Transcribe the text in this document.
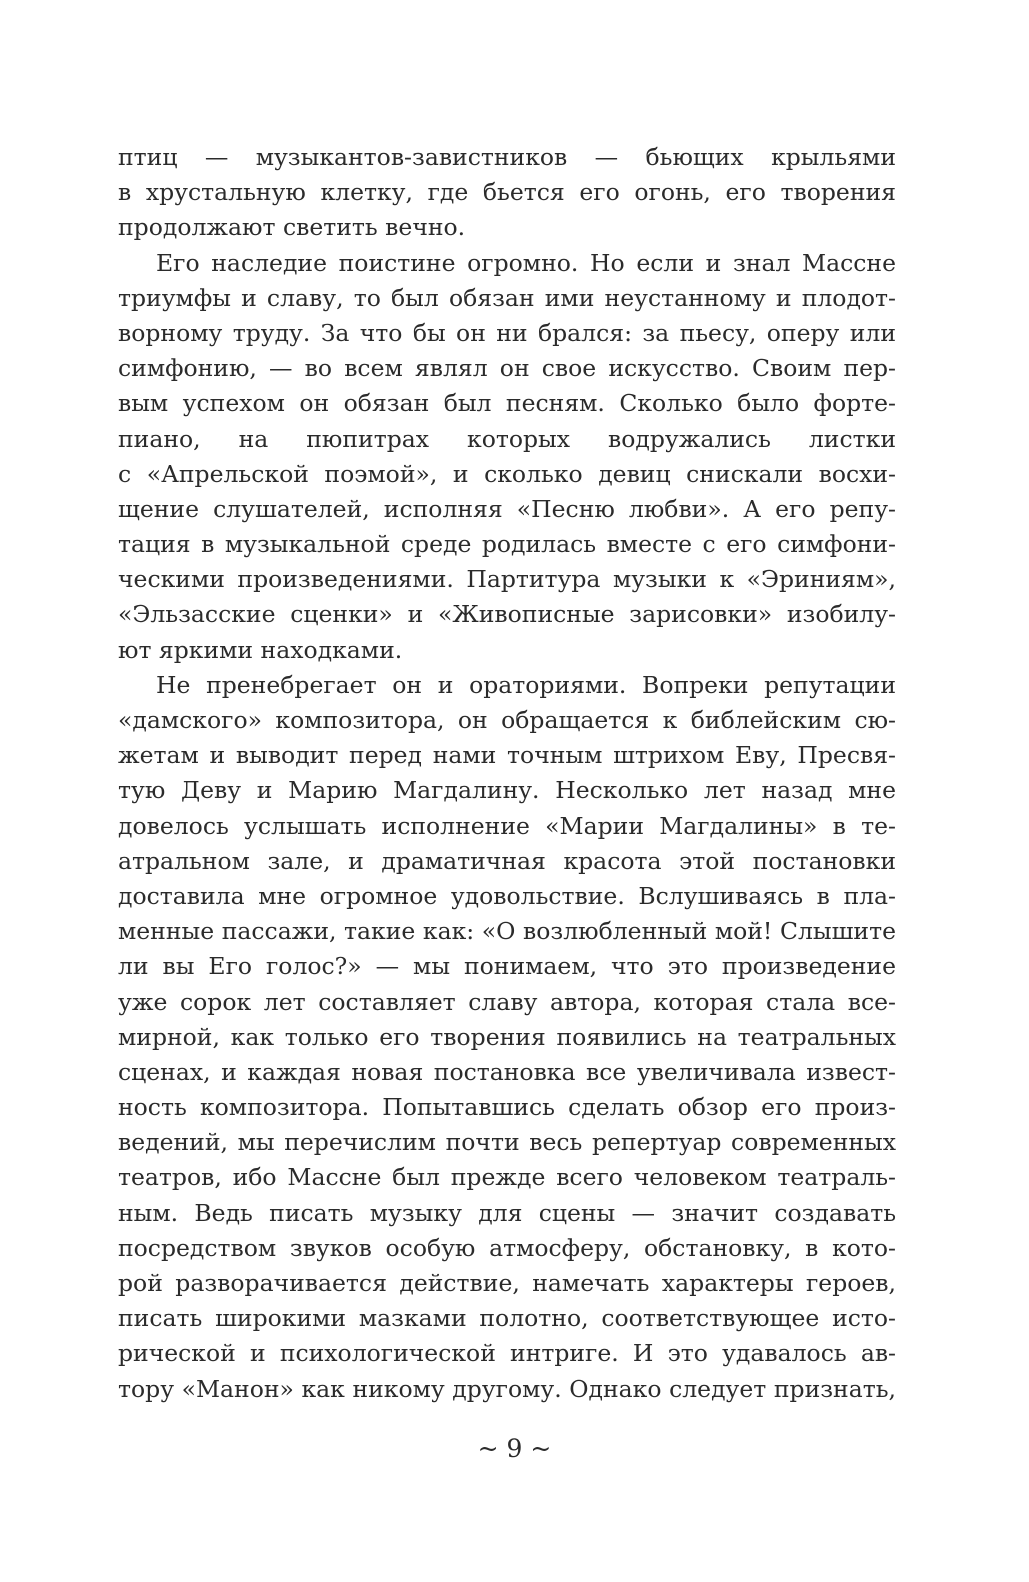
птиц — музыкантов-завистников — бьющих крыльями
в хрустальную клетку, где бьется его огонь, его творения
продолжают светить вечно.
Его наследие поистине огромно. Но если и знал Массне
триумфы и славу, то был обязан ими неустанному и плодот-
ворному труду. За что бы он ни брался: за пьесу, оперу или
симфонию, — во всем являл он свое искусство. Своим пер-
вым успехом он обязан был песням. Сколько было форте-
пиано, на пюпитрах которых водружались листки
с «Апрельской поэмой», и сколько девиц снискали восхи-
щение слушателей, исполняя «Песню любви». А его репу-
тация в музыкальной среде родилась вместе с его симфони-
ческими произведениями. Партитура музыки к «Эриниям»,
«Эльзасские сценки» и «Живописные зарисовки» изобилу-
ют яркими находками.
Не пренебрегает он и ораториями. Вопреки репутации
«дамского» композитора, он обращается к библейским сю-
жетам и выводит перед нами точным штрихом Еву, Пресвя-
тую Деву и Марию Магдалину. Несколько лет назад мне
довелось услышать исполнение «Марии Магдалины» в те-
атральном зале, и драматичная красота этой постановки
доставила мне огромное удовольствие. Вслушиваясь в пла-
менные пассажи, такие как: «О возлюбленный мой! Слышите
ли вы Его голос?» — мы понимаем, что это произведение
уже сорок лет составляет славу автора, которая стала все-
мирной, как только его творения появились на театральных
сценах, и каждая новая постановка все увеличивала извест-
ность композитора. Попытавшись сделать обзор его произ-
ведений, мы перечислим почти весь репертуар современных
театров, ибо Массне был прежде всего человеком театраль-
ным. Ведь писать музыку для сцены — значит создавать
посредством звуков особую атмосферу, обстановку, в кото-
рой разворачивается действие, намечать характеры героев,
писать широкими мазками полотно, соответствующее исто-
рической и психологической интриге. И это удавалось ав-
тору «Манон» как никому другому. Однако следует признать,
~ 9 ~
